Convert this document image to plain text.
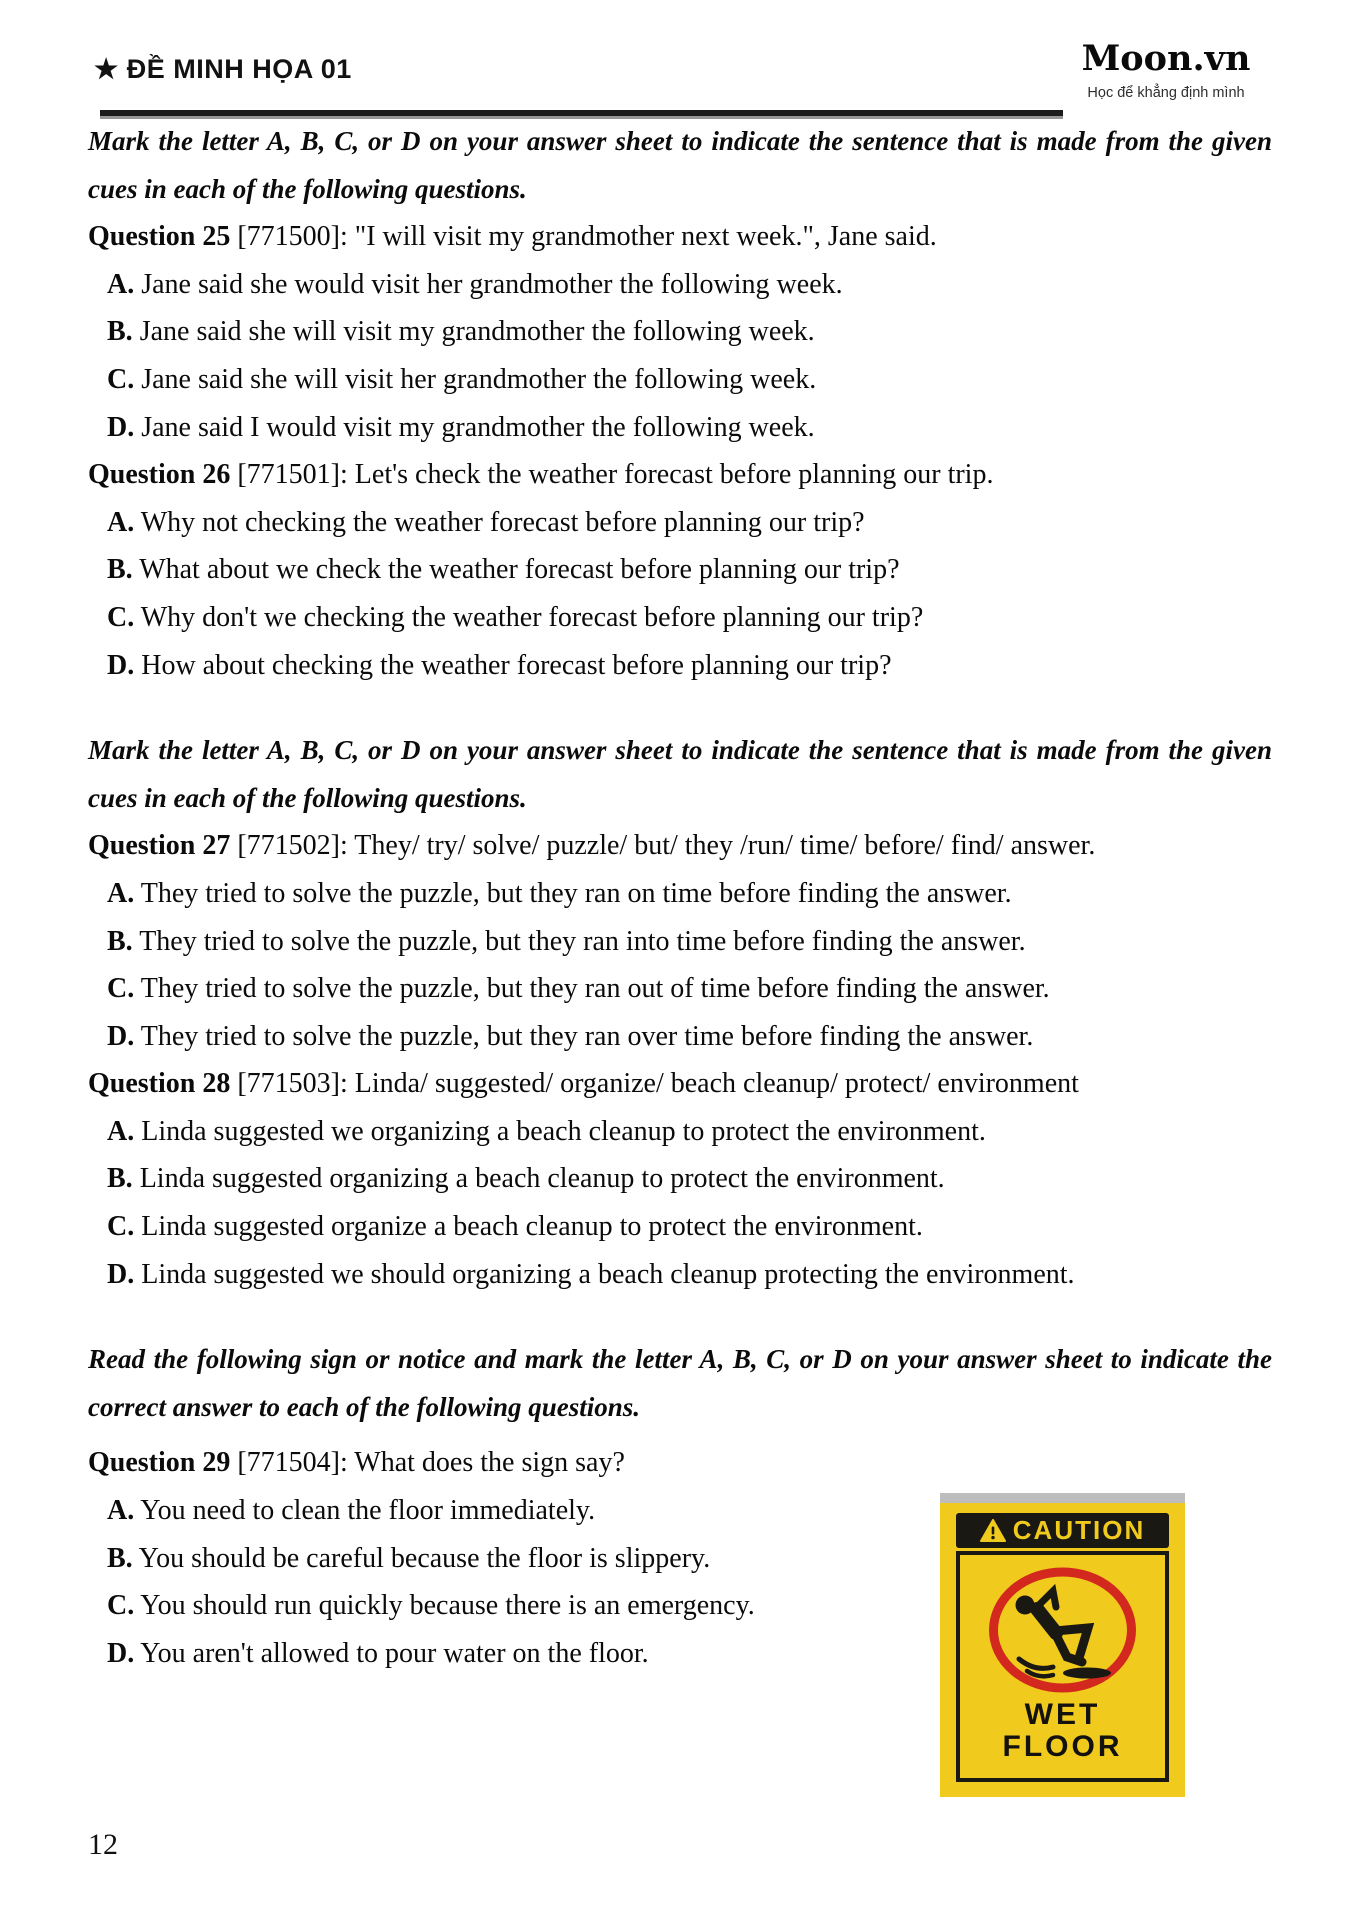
★ ĐỀ MINH HỌA 01	Moon.vn
Học để khẳng định mình

Mark the letter A, B, C, or D on your answer sheet to indicate the sentence that is made from the given cues in each of the following questions.

Question 25 [771500]: "I will visit my grandmother next week.", Jane said.
A. Jane said she would visit her grandmother the following week.
B. Jane said she will visit my grandmother the following week.
C. Jane said she will visit her grandmother the following week.
D. Jane said I would visit my grandmother the following week.
Question 26 [771501]: Let's check the weather forecast before planning our trip.
A. Why not checking the weather forecast before planning our trip?
B. What about we check the weather forecast before planning our trip?
C. Why don't we checking the weather forecast before planning our trip?
D. How about checking the weather forecast before planning our trip?

Mark the letter A, B, C, or D on your answer sheet to indicate the sentence that is made from the given cues in each of the following questions.

Question 27 [771502]: They/ try/ solve/ puzzle/ but/ they /run/ time/ before/ find/ answer.
A. They tried to solve the puzzle, but they ran on time before finding the answer.
B. They tried to solve the puzzle, but they ran into time before finding the answer.
C. They tried to solve the puzzle, but they ran out of time before finding the answer.
D. They tried to solve the puzzle, but they ran over time before finding the answer.
Question 28 [771503]: Linda/ suggested/ organize/ beach cleanup/ protect/ environment
A. Linda suggested we organizing a beach cleanup to protect the environment.
B. Linda suggested organizing a beach cleanup to protect the environment.
C. Linda suggested organize a beach cleanup to protect the environment.
D. Linda suggested we should organizing a beach cleanup protecting the environment.

Read the following sign or notice and mark the letter A, B, C, or D on your answer sheet to indicate the correct answer to each of the following questions.

Question 29 [771504]: What does the sign say?
A. You need to clean the floor immediately.
B. You should be careful because the floor is slippery.
C. You should run quickly because there is an emergency.
D. You aren't allowed to pour water on the floor.
CAUTION
WET
FLOOR
12
